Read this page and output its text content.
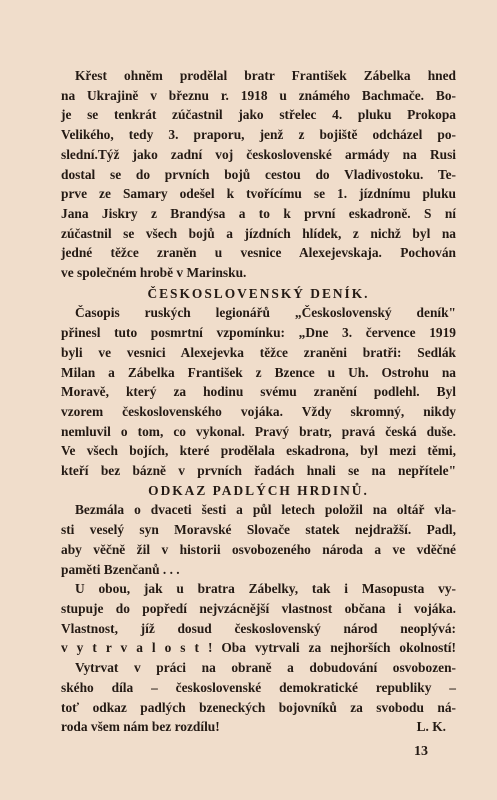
Křest ohněm prodělal bratr František Zábelka hned
na Ukrajině v březnu r. 1918 u známého Bachmače. Bo-
je se tenkrát zúčastnil jako střelec 4. pluku Prokopa
Velikého, tedy 3. praporu, jenž z bojiště odcházel po-
slední.Týž jako zadní voj československé armády na Rusi
dostal se do prvních bojů cestou do Vladivostoku. Te-
prve ze Samary odešel k tvořícímu se 1. jízdnímu pluku
Jana Jiskry z Brandýsa a to k první eskadroně. S ní
zúčastnil se všech bojů a jízdních hlídek, z nichž byl na
jedné těžce zraněn u vesnice Alexejevskaja. Pochován
ve společném hrobě v Marinsku.
ČESKOSLOVENSKÝ DENÍK.
Časopis ruských legionářů „Československý deník"
přinesl tuto posmrtní vzpomínku: „Dne 3. července 1919
byli ve vesnici Alexejevka těžce zraněni bratři: Sedlák
Milan a Zábelka František z Bzence u Uh. Ostrohu na
Moravě, který za hodinu svému zranění podlehl. Byl
vzorem československého vojáka. Vždy skromný, nikdy
nemluvil o tom, co vykonal. Pravý bratr, pravá česká duše.
Ve všech bojích, které prodělala eskadrona, byl mezi těmi,
kteří bez bázně v prvních řadách hnali se na nepřítele"
ODKAZ PADLÝCH HRDINŮ.
Bezmála o dvaceti šesti a půl letech položil na oltář vla-
sti veselý syn Moravské Slovače statek nejdražší. Padl,
aby věčně žil v historii osvobozeného národa a ve vděčné
paměti Bzenčanů . . .
U obou, jak u bratra Zábelky, tak i Masopusta vy-
stupuje do popředí nejvzácnější vlastnost občana i vojáka.
Vlastnost, jíž dosud československý národ neoplývá:
v y t r v a l o s t ! Oba vytrvali za nejhorších okolností!
Vytrvat v práci na obraně a dobudování osvobozen-
ského díla – československé demokratické republiky –
toť odkaz padlých bzeneckých bojovníků za svobodu ná-
roda všem nám bez rozdílu!	L. K.
13
